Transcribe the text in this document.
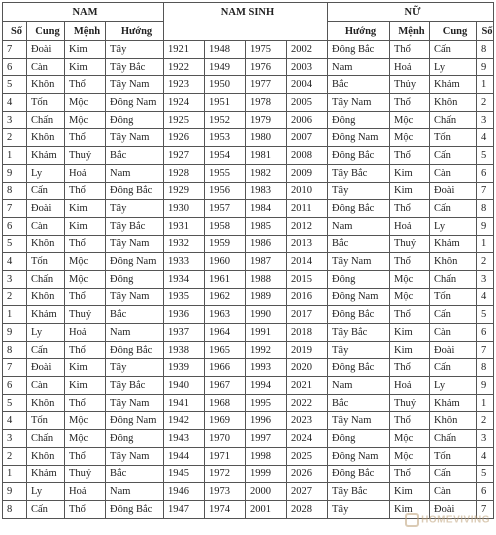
NAM				NAM SINH				NỮ			
Số	Cung	Mệnh	Hướng					Hướng	Mệnh	Cung	Số
7	Đoài	Kim	Tây	1921	1948	1975	2002	Đông Bắc	Thổ	Cấn	8
6	Càn	Kim	Tây Bắc	1922	1949	1976	2003	Nam	Hoả	Ly	9
5	Khôn	Thổ	Tây Nam	1923	1950	1977	2004	Bắc	Thủy	Khảm	1
4	Tốn	Mộc	Đông Nam	1924	1951	1978	2005	Tây Nam	Thổ	Khôn	2
3	Chấn	Mộc	Đông	1925	1952	1979	2006	Đông	Mộc	Chấn	3
2	Khôn	Thổ	Tây Nam	1926	1953	1980	2007	Đông Nam	Mộc	Tốn	4
1	Khảm	Thuỷ	Bắc	1927	1954	1981	2008	Đông Bắc	Thổ	Cấn	5
9	Ly	Hoả	Nam	1928	1955	1982	2009	Tây Bắc	Kim	Càn	6
8	Cấn	Thổ	Đông Bắc	1929	1956	1983	2010	Tây	Kim	Đoài	7
7	Đoài	Kim	Tây	1930	1957	1984	2011	Đông Bắc	Thổ	Cấn	8
6	Càn	Kim	Tây Bắc	1931	1958	1985	2012	Nam	Hoả	Ly	9
5	Khôn	Thổ	Tây Nam	1932	1959	1986	2013	Bắc	Thuỷ	Khảm	1
4	Tốn	Mộc	Đông Nam	1933	1960	1987	2014	Tây Nam	Thổ	Khôn	2
3	Chấn	Mộc	Đông	1934	1961	1988	2015	Đông	Mộc	Chấn	3
2	Khôn	Thổ	Tây Nam	1935	1962	1989	2016	Đông Nam	Mộc	Tốn	4
1	Khảm	Thuỷ	Bắc	1936	1963	1990	2017	Đông Bắc	Thổ	Cấn	5
9	Ly	Hoả	Nam	1937	1964	1991	2018	Tây Bắc	Kim	Càn	6
8	Cấn	Thổ	Đông Bắc	1938	1965	1992	2019	Tây	Kim	Đoài	7
7	Đoài	Kim	Tây	1939	1966	1993	2020	Đông Bắc	Thổ	Cấn	8
6	Càn	Kim	Tây Bắc	1940	1967	1994	2021	Nam	Hoả	Ly	9
5	Khôn	Thổ	Tây Nam	1941	1968	1995	2022	Bắc	Thuỷ	Khảm	1
4	Tốn	Mộc	Đông Nam	1942	1969	1996	2023	Tây Nam	Thổ	Khôn	2
3	Chấn	Mộc	Đông	1943	1970	1997	2024	Đông	Mộc	Chấn	3
2	Khôn	Thổ	Tây Nam	1944	1971	1998	2025	Đông Nam	Mộc	Tốn	4
1	Khảm	Thuỷ	Bắc	1945	1972	1999	2026	Đông Bắc	Thổ	Cấn	5
9	Ly	Hoả	Nam	1946	1973	2000	2027	Tây Bắc	Kim	Càn	6
8	Cấn	Thổ	Đông Bắc	1947	1974	2001	2028	Tây	Kim	Đoài	7
HOMEVIVING
